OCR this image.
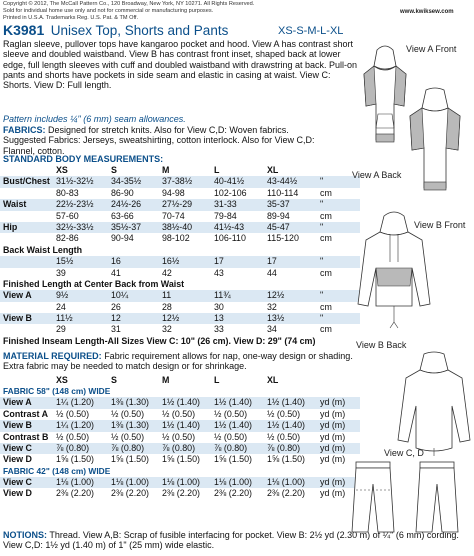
Copyright © 2012, The McCall Pattern Co., 120 Broadway, New York, NY 10271. All Rights Reserved.
Sold for individual home use only and not for commercial or manufacturing purposes.
Printed in U.S.A. Trademarks Reg. U.S. Pat. & TM Off.
www.kwiksew.com
K3981 Unisex Top, Shorts and Pants	XS-S-M-L-XL
Raglan sleeve, pullover tops have kangaroo pocket and hood. View A has contrast short sleeve and doubled waistband. View B has contrast front inset, shaped back at lower edge, full length sleeves with cuff and doubled waistband with drawstring at back. Pull-on pants and shorts have pockets in side seam and elastic in casing at waist. View C: Shorts. View D: Full length.
Pattern includes ¼" (6 mm) seam allowances.
FABRICS: Designed for stretch knits. Also for View C,D: Woven fabrics.
Suggested Fabrics: Jerseys, sweatshirting, cotton interlock. Also for View C,D: Flannel, cotton.
STANDARD BODY MEASUREMENTS:
XS	S	M	L	XL
Bust/Chest 31½-32½ 34-35½ 37-38½ 40-41½	43-44½	"
80-83	86-90	94-98	102-106 110-114 cm
Waist	22½-23½ 24½-26 27½-29 31-33	35-37	"
57-60	63-66	70-74	79-84	89-94	cm
Hip	32½-33½ 35½-37 38½-40 41½-43	45-47	"
82-86	90-94	98-102	106-110 115-120 cm
Back Waist Length
15½	16	16½	17	17	"
39	41	42	43	44	cm
Finished Length at Center Back from Waist
View A	9½	10¼	11	11¾	12½	"
24	26	28	30	32	cm
View B	11½	12	12½	13	13½	"
29	31	32	33	34	cm
Finished Inseam Length-All Sizes View C: 10" (26 cm). View D: 29" (74 cm)
MATERIAL REQUIRED: Fabric requirement allows for nap, one-way design or shading. Extra fabric may be needed to match design or for shrinkage.
XS	S	M	L	XL
FABRIC 58" (148 cm) WIDE
View A	1¼ (1.20) 1⅜ (1.30) 1½ (1.40) 1½ (1.40) 1½ (1.40) yd (m)
Contrast A ½ (0.50) ½ (0.50) ½ (0.50) ½ (0.50) ½ (0.50) yd (m)
View B	1¼ (1.20) 1⅜ (1.30) 1½ (1.40) 1½ (1.40) 1½ (1.40) yd (m)
Contrast B ½ (0.50) ½ (0.50) ½ (0.50) ½ (0.50) ½ (0.50) yd (m)
View C	⅞ (0.80) ⅞ (0.80) ⅞ (0.80) ⅞ (0.80) ⅞ (0.80) yd (m)
View D	1⅝ (1.50) 1⅝ (1.50) 1⅝ (1.50) 1⅝ (1.50) 1⅝ (1.50) yd (m)
FABRIC 42" (148 cm) WIDE
View C	1⅛ (1.00) 1⅛ (1.00) 1⅛ (1.00) 1⅛ (1.00) 1⅛ (1.00) yd (m)
View D	2⅜ (2.20) 2⅜ (2.20) 2⅜ (2.20) 2⅜ (2.20) 2⅜ (2.20) yd (m)
NOTIONS: Thread. View A,B: Scrap of fusible interfacing for pocket. View B: 2½ yd (2.30 m) of ¼" (6 mm) cording. View C,D: 1½ yd (1.40 m) of 1" (25 mm) wide elastic.
View A Front
View A Back
View B Front
View B Back
View C, D
